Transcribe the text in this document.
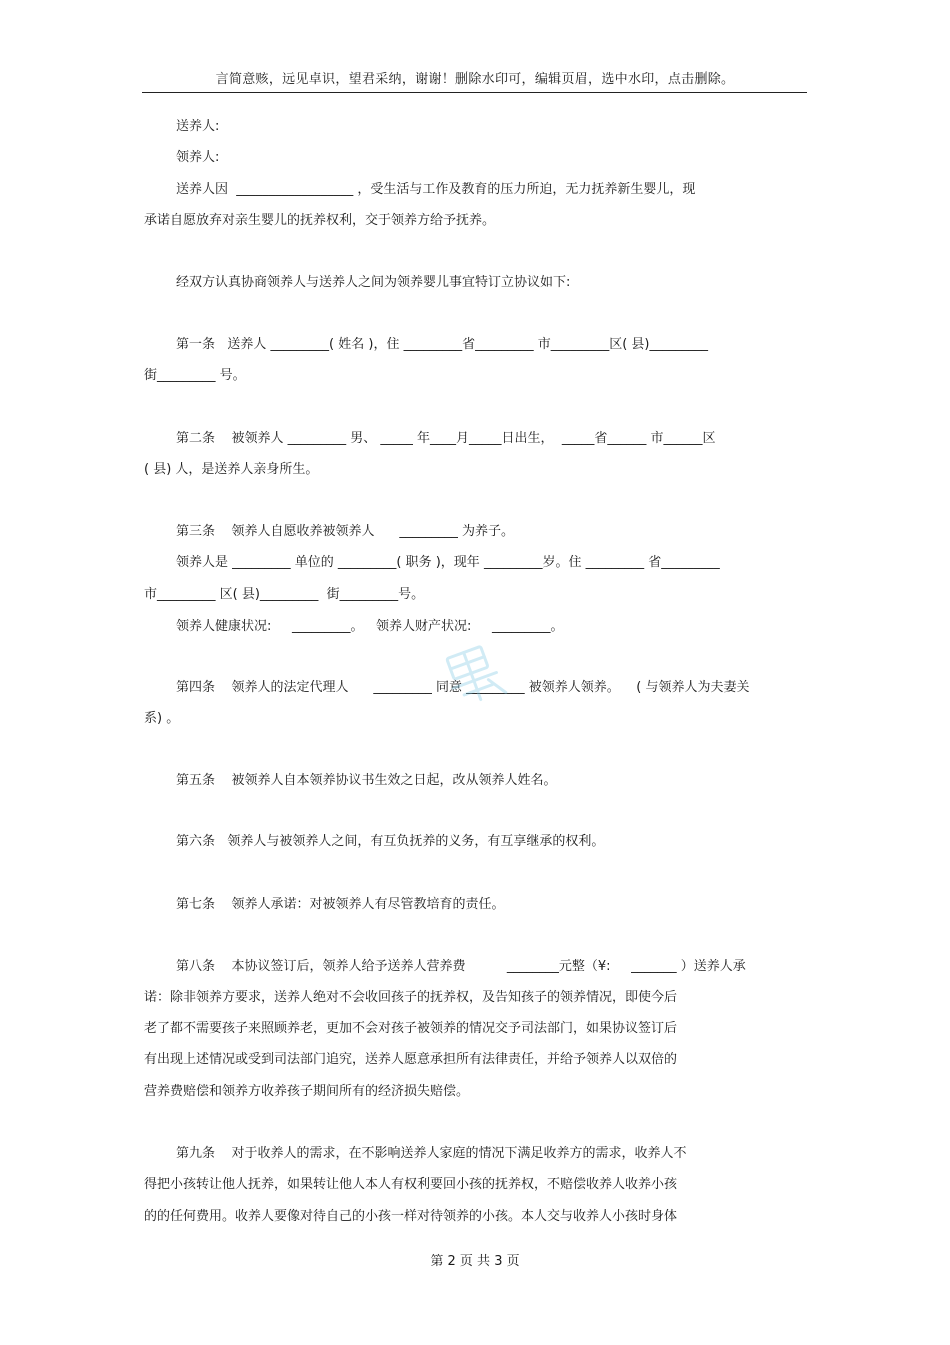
言简意赅，远见卓识，望君采纳，谢谢！删除水印可，编辑页眉，选中水印，点击删除。
送养人:
领养人:
送养人因  __________________ ，受生活与工作及教育的压力所迫，无力抚养新生婴儿，现
承诺自愿放弃对亲生婴儿的抚养权利，交于领养方给予抚养。
经双方认真协商领养人与送养人之间为领养婴儿事宜特订立协议如下:
第一条   送养人 _________( 姓名 )，住 _________省_________ 市_________区( 县)_________
街_________ 号。
第二条    被领养人 _________ 男、 _____ 年____月_____日出生，  _____省______ 市______区
( 县) 人，是送养人亲身所生。
第三条    领养人自愿收养被领养人      _________ 为养子。
领养人是 _________ 单位的 _________( 职务 )，现年 _________岁。住 _________ 省_________
市_________ 区( 县)_________  街_________号。
领养人健康状况:     _________。   领养人财产状况:     _________。
第四条    领养人的法定代理人      _________ 同意 _________ 被领养人领养。    ( 与领养人为夫妻关
系) 。
第五条    被领养人自本领养协议书生效之日起，改从领养人姓名。
第六条   领养人与被领养人之间，有互负抚养的义务，有互享继承的权利。
第七条    领养人承诺：对被领养人有尽管教培育的责任。
第八条    本协议签订后，领养人给予送养人营养费          ________元整（¥:     _______ ）送养人承
诺：除非领养方要求，送养人绝对不会收回孩子的抚养权，及告知孩子的领养情况，即使今后
老了都不需要孩子来照顾养老，更加不会对孩子被领养的情况交予司法部门，如果协议签订后
有出现上述情况或受到司法部门追究，送养人愿意承担所有法律责任，并给予领养人以双倍的
营养费赔偿和领养方收养孩子期间所有的经济损失赔偿。
第九条    对于收养人的需求，在不影响送养人家庭的情况下满足收养方的需求，收养人不
得把小孩转让他人抚养，如果转让他人本人有权利要回小孩的抚养权，不赔偿收养人收养小孩
的的任何费用。收养人要像对待自己的小孩一样对待领养的小孩。本人交与收养人小孩时身体
第 2 页 共 3 页
